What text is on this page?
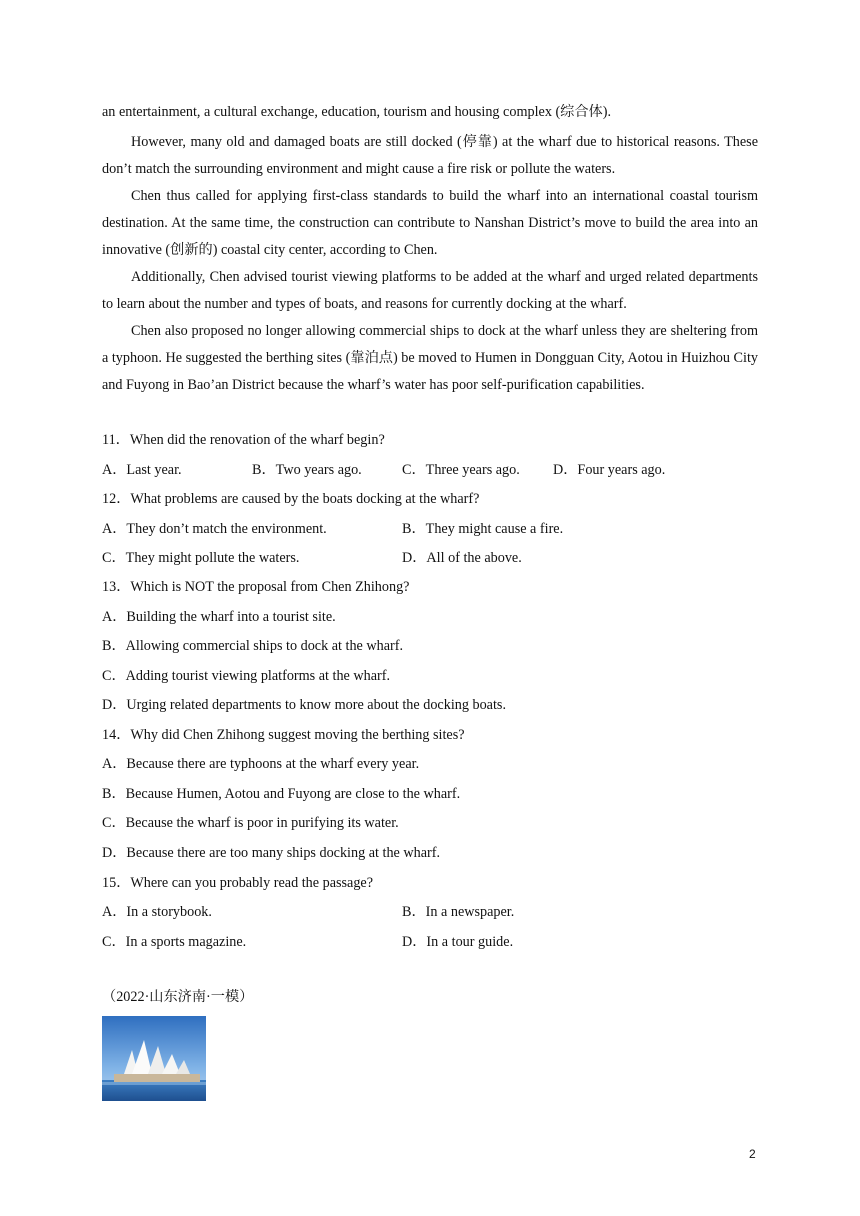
an entertainment, a cultural exchange, education, tourism and housing complex (综合体).

However, many old and damaged boats are still docked (停靠) at the wharf due to historical reasons. These don’t match the surrounding environment and might cause a fire risk or pollute the waters.

Chen thus called for applying first-class standards to build the wharf into an international coastal tourism destination. At the same time, the construction can contribute to Nanshan District’s move to build the area into an innovative (创新的) coastal city center, according to Chen.

Additionally, Chen advised tourist viewing platforms to be added at the wharf and urged related departments to learn about the number and types of boats, and reasons for currently docking at the wharf.

Chen also proposed no longer allowing commercial ships to dock at the wharf unless they are sheltering from a typhoon. He suggested the berthing sites (靠泊点) be moved to Humen in Dongguan City, Aotou in Huizhou City and Fuyong in Bao’an District because the wharf’s water has poor self-purification capabilities.

11．When did the renovation of the wharf begin?
A．Last year.	B．Two years ago.	C．Three years ago. D．Four years ago.
12．What problems are caused by the boats docking at the wharf?
A．They don’t match the environment.	B．They might cause a fire.
C．They might pollute the waters.	D．All of the above.
13．Which is NOT the proposal from Chen Zhihong?
A．Building the wharf into a tourist site.
B．Allowing commercial ships to dock at the wharf.
C．Adding tourist viewing platforms at the wharf.
D．Urging related departments to know more about the docking boats.
14．Why did Chen Zhihong suggest moving the berthing sites?
A．Because there are typhoons at the wharf every year.
B．Because Humen, Aotou and Fuyong are close to the wharf.
C．Because the wharf is poor in purifying its water.
D．Because there are too many ships docking at the wharf.
15．Where can you probably read the passage?
A．In a storybook.	B．In a newspaper.
C．In a sports magazine.	D．In a tour guide.
（2022·山东济南·一模）
2
